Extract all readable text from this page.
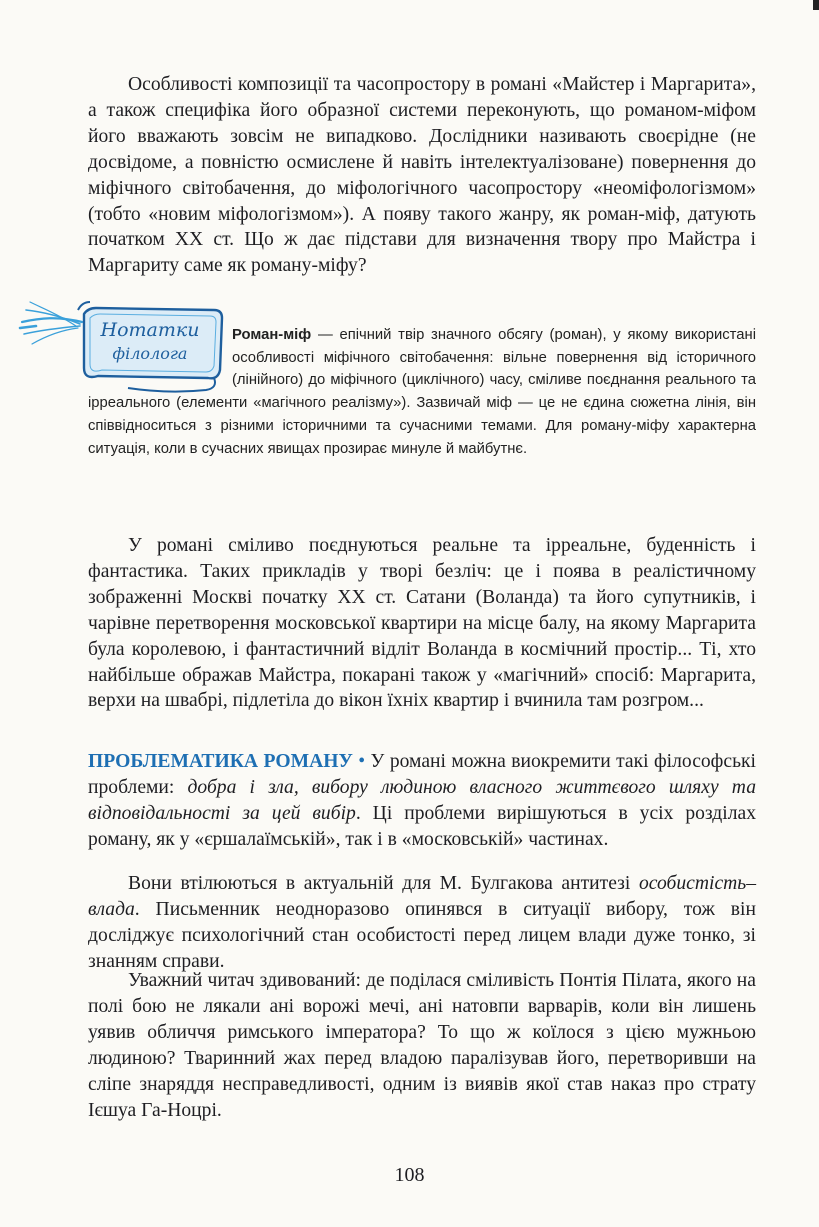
Особливості композиції та часопростору в романі «Майстер і Маргарита», а також специфіка його образної системи переконують, що романом-міфом його вважають зовсім не випадково. Дослідники називають своєрідне (не досвідоме, а повністю осмислене й навіть інтелектуалізоване) повернення до міфічного світобачення, до міфологічного часопростору «неоміфологізмом» (тобто «новим міфологізмом»). А появу такого жанру, як роман-міф, датують початком XX ст. Що ж дає підстави для визначення твору про Майстра і Маргариту саме як роману-міфу?

Нотатки
філолога

Роман-міф — епічний твір значного обсягу (роман), у якому використані особливості міфічного світобачення: вільне повернення від історичного (лінійного) до міфічного (циклічного) часу, сміливе поєднання реального та ірреального (елементи «магічного реалізму»). Зазвичай міф — це не єдина сюжетна лінія, він співвідноситься з різними історичними та сучасними темами. Для роману-міфу характерна ситуація, коли в сучасних явищах прозирає минуле й майбутнє.

У романі сміливо поєднуються реальне та ірреальне, буденність і фантастика. Таких прикладів у творі безліч: це і поява в реалістичному зображенні Москві початку XX ст. Сатани (Воланда) та його супутників, і чарівне перетворення московської квартири на місце балу, на якому Маргарита була королевою, і фантастичний відліт Воланда в космічний простір... Ті, хто найбільше ображав Майстра, покарані також у «магічний» спосіб: Маргарита, верхи на швабрі, підлетіла до вікон їхніх квартир і вчинила там розгром...

ПРОБЛЕМАТИКА РОМАНУ • У романі можна виокремити такі філософські проблеми: добра і зла, вибору людиною власного життєвого шляху та відповідальності за цей вибір. Ці проблеми вирішуються в усіх розділах роману, як у «єршалаїмській», так і в «московській» частинах.

Вони втілюються в актуальній для М. Булгакова антитезі особистість–влада. Письменник неодноразово опинявся в ситуації вибору, тож він досліджує психологічний стан особистості перед лицем влади дуже тонко, зі знанням справи.

Уважний читач здивований: де поділася сміливість Понтія Пілата, якого на полі бою не лякали ані ворожі мечі, ані натовпи варварів, коли він лишень уявив обличчя римського імператора? То що ж коїлося з цією мужньою людиною? Тваринний жах перед владою паралізував його, перетворивши на сліпе знаряддя несправедливості, одним із виявів якої став наказ про страту Ієшуа Га-Ноцрі.

108
